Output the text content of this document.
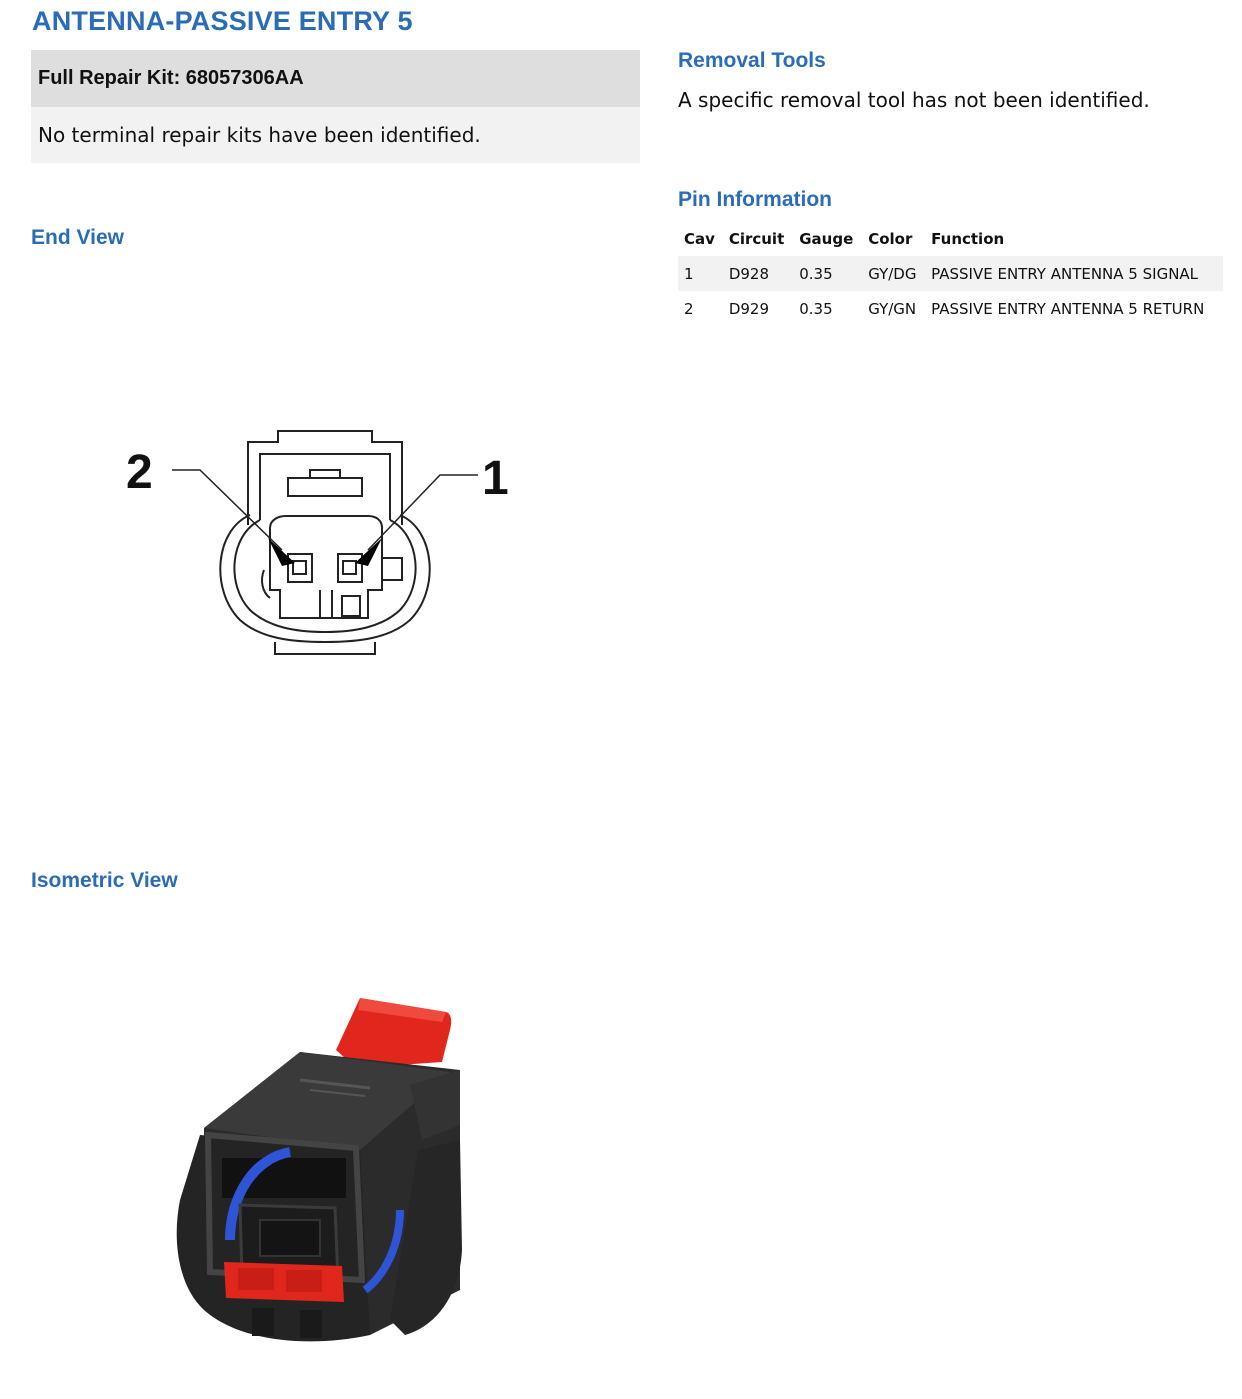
ANTENNA-PASSIVE ENTRY 5
Full Repair Kit: 68057306AA
No terminal repair kits have been identified.
Removal Tools

A specific removal tool has not been identified.

Pin Information
Cav	Circuit	Gauge	Color	Function
1	D928	0.35	GY/DG	PASSIVE ENTRY ANTENNA 5 SIGNAL
2	D929	0.35	GY/GN	PASSIVE ENTRY ANTENNA 5 RETURN
End View
2	1
Isometric View
